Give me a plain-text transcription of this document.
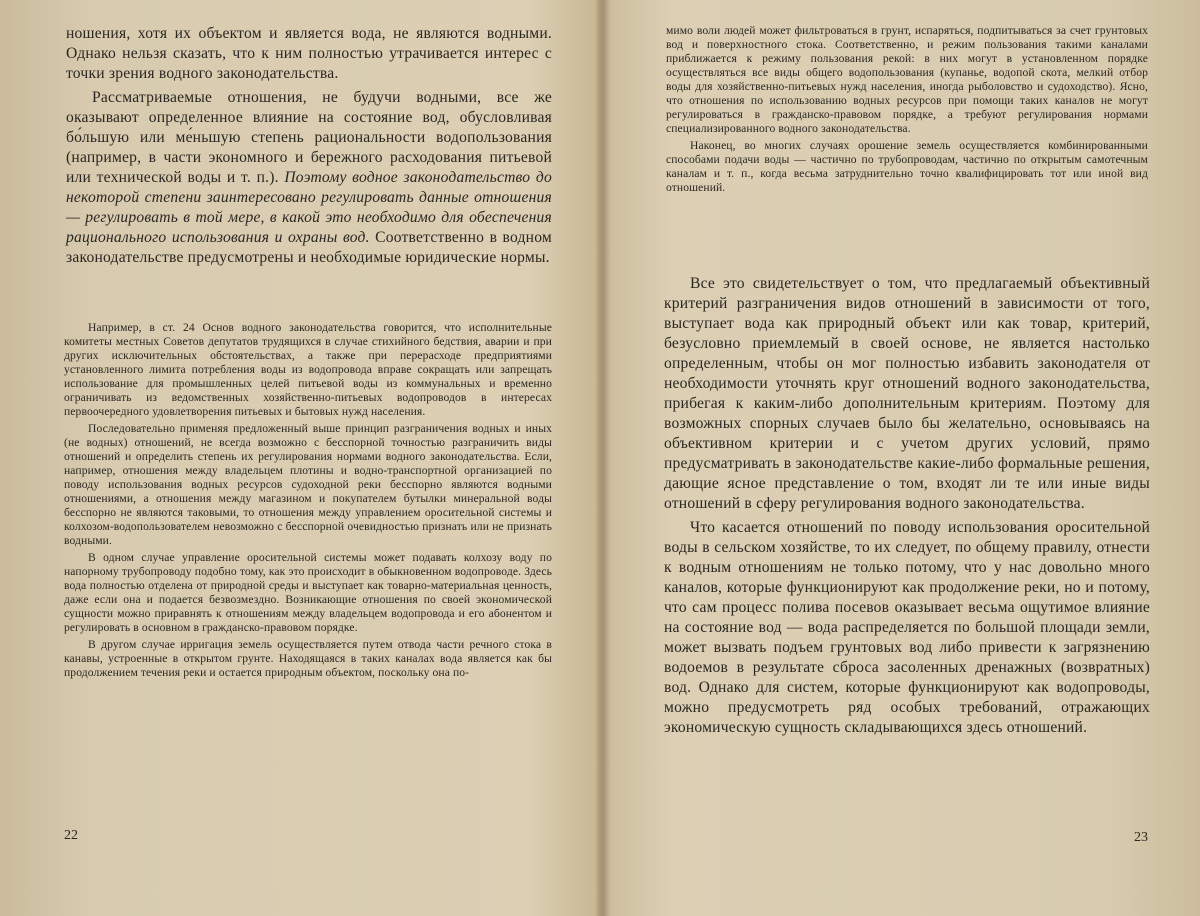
ношения, хотя их объектом и является вода, не являются водными. Однако нельзя сказать, что к ним полностью утрачивается интерес с точки зрения водного законодательства.

Рассматриваемые отношения, не будучи водными, все же оказывают определенное влияние на состояние вод, обусловливая бо́льшую или ме́ньшую степень рациональности водопользования (например, в части экономного и бережного расходования питьевой или технической воды и т. п.). Поэтому водное законодательство до некоторой степени заинтересовано регулировать данные отношения — регулировать в той мере, в какой это необходимо для обеспечения рационального использования и охраны вод. Соответственно в водном законодательстве предусмотрены и необходимые юридические нормы.

Например, в ст. 24 Основ водного законодательства говорится, что исполнительные комитеты местных Советов депутатов трудящихся в случае стихийного бедствия, аварии и при других исключительных обстоятельствах, а также при перерасходе предприятиями установленного лимита потребления воды из водопровода вправе сокращать или запрещать использование для промышленных целей питьевой воды из коммунальных и временно ограничивать из ведомственных хозяйственно-питьевых водопроводов в интересах первоочередного удовлетворения питьевых и бытовых нужд населения.

Последовательно применяя предложенный выше принцип разграничения водных и иных (не водных) отношений, не всегда возможно с бесспорной точностью разграничить виды отношений и определить степень их регулирования нормами водного законодательства. Если, например, отношения между владельцем плотины и водно-транспортной организацией по поводу использования водных ресурсов судоходной реки бесспорно являются водными отношениями, а отношения между магазином и покупателем бутылки минеральной воды бесспорно не являются таковыми, то отношения между управлением оросительной системы и колхозом-водопользователем невозможно с бесспорной очевидностью признать или не признать водными.

В одном случае управление оросительной системы может подавать колхозу воду по напорному трубопроводу подобно тому, как это происходит в обыкновенном водопроводе. Здесь вода полностью отделена от природной среды и выступает как товарно-материальная ценность, даже если она и подается безвозмездно. Возникающие отношения по своей экономической сущности можно приравнять к отношениям между владельцем водопровода и его абонентом и регулировать в основном в гражданско-правовом порядке.

В другом случае ирригация земель осуществляется путем отвода части речного стока в канавы, устроенные в открытом грунте. Находящаяся в таких каналах вода является как бы продолжением течения реки и остается природным объектом, поскольку она по-

22

мимо воли людей может фильтроваться в грунт, испаряться, подпитываться за счет грунтовых вод и поверхностного стока. Соответственно, и режим пользования такими каналами приближается к режиму пользования рекой: в них могут в установленном порядке осуществляться все виды общего водопользования (купанье, водопой скота, мелкий отбор воды для хозяйственно-питьевых нужд населения, иногда рыболовство и судоходство). Ясно, что отношения по использованию водных ресурсов при помощи таких каналов не могут регулироваться в гражданско-правовом порядке, а требуют регулирования нормами специализированного водного законодательства.

Наконец, во многих случаях орошение земель осуществляется комбинированными способами подачи воды — частично по трубопроводам, частично по открытым самотечным каналам и т. п., когда весьма затруднительно точно квалифицировать тот или иной вид отношений.

Все это свидетельствует о том, что предлагаемый объективный критерий разграничения видов отношений в зависимости от того, выступает вода как природный объект или как товар, критерий, безусловно приемлемый в своей основе, не является настолько определенным, чтобы он мог полностью избавить законодателя от необходимости уточнять круг отношений водного законодательства, прибегая к каким-либо дополнительным критериям. Поэтому для возможных спорных случаев было бы желательно, основываясь на объективном критерии и с учетом других условий, прямо предусматривать в законодательстве какие-либо формальные решения, дающие ясное представление о том, входят ли те или иные виды отношений в сферу регулирования водного законодательства.

Что касается отношений по поводу использования оросительной воды в сельском хозяйстве, то их следует, по общему правилу, отнести к водным отношениям не только потому, что у нас довольно много каналов, которые функционируют как продолжение реки, но и потому, что сам процесс полива посевов оказывает весьма ощутимое влияние на состояние вод — вода распределяется по большой площади земли, может вызвать подъем грунтовых вод либо привести к загрязнению водоемов в результате сброса засоленных дренажных (возвратных) вод. Однако для систем, которые функционируют как водопроводы, можно предусмотреть ряд особых требований, отражающих экономическую сущность складывающихся здесь отношений.

23
